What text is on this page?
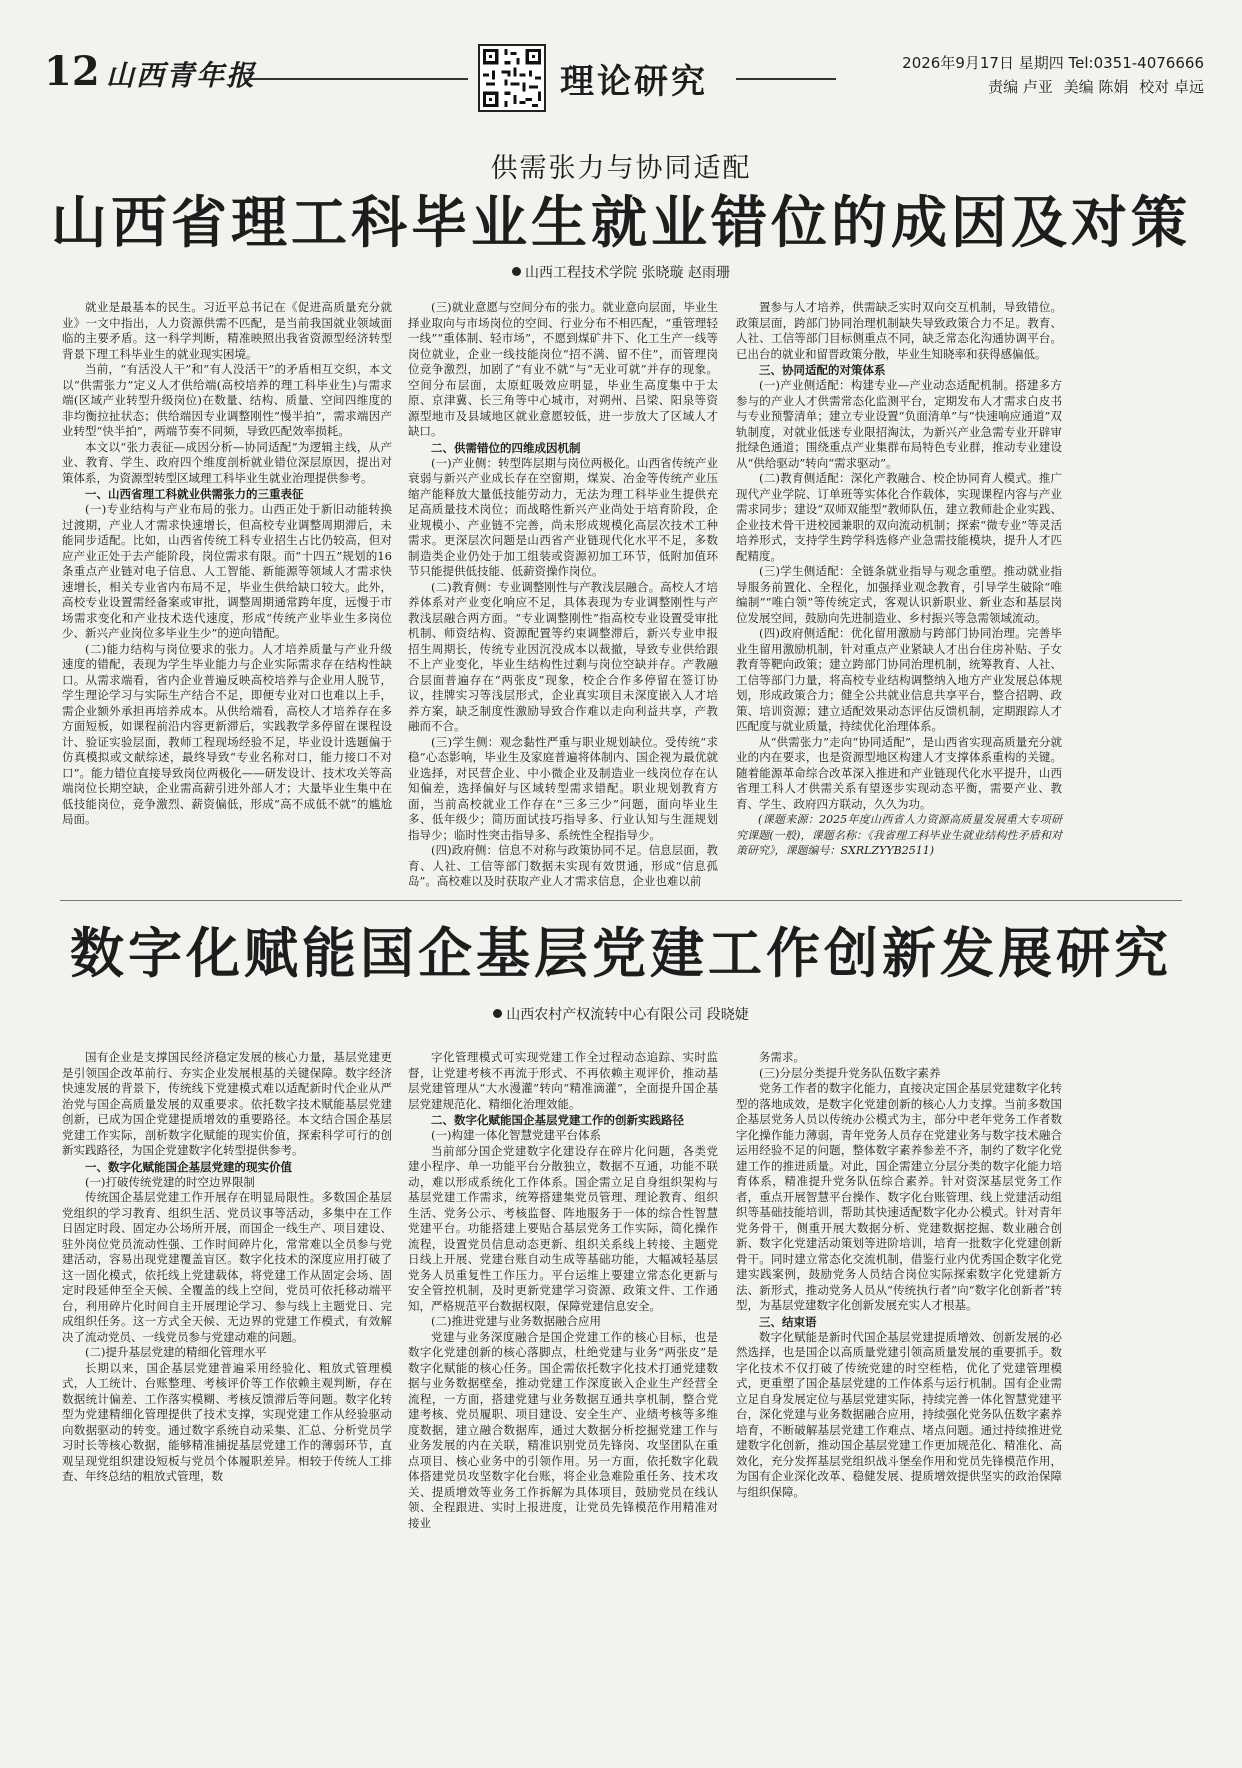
12 山西青年报	理论研究	2026年9月17日 星期四 Tel:0351-4076666
责编 卢亚 美编 陈娟 校对 卓远
供需张力与协同适配
山西省理工科毕业生就业错位的成因及对策
山西工程技术学院 张晓璇 赵雨珊

就业是最基本的民生。习近平总书记在《促进高质量充分就业》一文中指出，人力资源供需不匹配，是当前我国就业领域面临的主要矛盾。这一科学判断，精准映照出我省资源型经济转型背景下理工科毕业生的就业现实困境。

当前，“有活没人干”和“有人没活干”的矛盾相互交织，本文以“供需张力”定义人才供给端(高校培养的理工科毕业生)与需求端(区域产业转型升级岗位)在数量、结构、质量、空间四维度的非均衡拉扯状态；供给端因专业调整刚性“慢半拍”，需求端因产业转型“快半拍”，两端节奏不同频，导致匹配效率损耗。

本文以“张力表征—成因分析—协同适配”为逻辑主线，从产业、教育、学生、政府四个维度剖析就业错位深层原因，提出对策体系，为资源型转型区域理工科毕业生就业治理提供参考。

一、山西省理工科就业供需张力的三重表征

(一)专业结构与产业布局的张力。山西正处于新旧动能转换过渡期，产业人才需求快速增长，但高校专业调整周期滞后，未能同步适配。比如，山西省传统工科专业招生占比仍较高，但对应产业正处于去产能阶段，岗位需求有限。而“十四五”规划的16条重点产业链对电子信息、人工智能、新能源等领域人才需求快速增长，相关专业省内布局不足，毕业生供给缺口较大。此外，高校专业设置需经备案或审批，调整周期通常跨年度，远慢于市场需求变化和产业技术迭代速度，形成“传统产业毕业生多岗位少、新兴产业岗位多毕业生少”的逆向错配。

(二)能力结构与岗位要求的张力。人才培养质量与产业升级速度的错配，表现为学生毕业能力与企业实际需求存在结构性缺口。从需求端看，省内企业普遍反映高校培养与企业用人脱节，学生理论学习与实际生产结合不足，即便专业对口也难以上手，需企业额外承担再培养成本。从供给端看，高校人才培养存在多方面短板，如课程前沿内容更新滞后，实践教学多停留在课程设计、验证实验层面，教师工程现场经验不足，毕业设计选题偏于仿真模拟或文献综述，最终导致“专业名称对口，能力接口不对口”。能力错位直接导致岗位两极化——研发设计、技术攻关等高端岗位长期空缺，企业需高薪引进外部人才；大量毕业生集中在低技能岗位，竞争激烈、薪资偏低，形成“高不成低不就”的尴尬局面。

(三)就业意愿与空间分布的张力。就业意向层面，毕业生择业取向与市场岗位的空间、行业分布不相匹配，“重管理轻一线”“重体制、轻市场”，不愿到煤矿井下、化工生产一线等岗位就业，企业一线技能岗位“招不满、留不住”，而管理岗位竞争激烈，加剧了“有业不就”与“无业可就”并存的现象。空间分布层面，太原虹吸效应明显，毕业生高度集中于太原、京津冀、长三角等中心城市，对朔州、吕梁、阳泉等资源型地市及县域地区就业意愿较低，进一步放大了区域人才缺口。

二、供需错位的四维成因机制

(一)产业侧：转型阵层期与岗位两极化。山西省传统产业衰弱与新兴产业成长存在空窗期，煤炭、冶金等传统产业压缩产能释放大量低技能劳动力，无法为理工科毕业生提供充足高质量技术岗位；而战略性新兴产业尚处于培育阶段，企业规模小、产业链不完善，尚未形成规模化高层次技术工种需求。更深层次问题是山西省产业链现代化水平不足，多数制造类企业仍处于加工组装或资源初加工环节，低附加值环节只能提供低技能、低薪资操作岗位。

(二)教育侧：专业调整刚性与产教浅层融合。高校人才培养体系对产业变化响应不足，具体表现为专业调整刚性与产教浅层融合两方面。“专业调整刚性”指高校专业设置受审批机制、师资结构、资源配置等约束调整滞后，新兴专业申报招生周期长，传统专业因沉没成本以裁撤，导致专业供给跟不上产业变化，毕业生结构性过剩与岗位空缺并存。产教融合层面普遍存在“两张皮”现象，校企合作多停留在签订协议，挂牌实习等浅层形式，企业真实项目未深度嵌入人才培养方案，缺乏制度性激励导致合作难以走向利益共享，产教融而不合。

(三)学生侧：观念黏性严重与职业规划缺位。受传统“求稳”心态影响，毕业生及家庭普遍将体制内、国企视为最优就业选择，对民营企业、中小微企业及制造业一线岗位存在认知偏差，选择偏好与区域转型需求错配。职业规划教育方面，当前高校就业工作存在“三多三少”问题，面向毕业生多、低年级少；简历面试技巧指导多、行业认知与生涯规划指导少；临时性突击指导多、系统性全程指导少。

(四)政府侧：信息不对称与政策协同不足。信息层面，教育、人社、工信等部门数据未实现有效贯通，形成“信息孤岛”。高校难以及时获取产业人才需求信息，企业也难以前

置参与人才培养，供需缺乏实时双向交互机制，导致错位。政策层面，跨部门协同治理机制缺失导致政策合力不足。教育、人社、工信等部门目标侧重点不同，缺乏常态化沟通协调平台。已出台的就业和留晋政策分散，毕业生知晓率和获得感偏低。

三、协同适配的对策体系

(一)产业侧适配：构建专业—产业动态适配机制。搭建多方参与的产业人才供需常态化监测平台，定期发布人才需求白皮书与专业预警清单；建立专业设置“负面清单”与“快速响应通道”双轨制度，对就业低迷专业限招淘汰，为新兴产业急需专业开辟审批绿色通道；围绕重点产业集群布局特色专业群，推动专业建设从“供给驱动”转向“需求驱动”。

(二)教育侧适配：深化产教融合、校企协同育人模式。推广现代产业学院、订单班等实体化合作载体，实现课程内容与产业需求同步；建设“双师双能型”教师队伍，建立教师赴企业实践、企业技术骨干进校园兼职的双向流动机制；探索“微专业”等灵活培养形式，支持学生跨学科选修产业急需技能模块，提升人才匹配精度。

(三)学生侧适配：全链条就业指导与观念重塑。推动就业指导服务前置化、全程化，加强择业观念教育，引导学生破除“唯编制”“唯白领”等传统定式，客观认识新职业、新业态和基层岗位发展空间，鼓励向先进制造业、乡村振兴等急需领域流动。

(四)政府侧适配：优化留用激励与跨部门协同治理。完善毕业生留用激励机制，针对重点产业紧缺人才出台住房补贴、子女教育等靶向政策；建立跨部门协同治理机制，统筹教育、人社、工信等部门力量，将高校专业结构调整纳入地方产业发展总体规划，形成政策合力；健全公共就业信息共享平台，整合招聘、政策、培训资源；建立适配效果动态评估反馈机制，定期跟踪人才匹配度与就业质量，持续优化治理体系。

从“供需张力”走向“协同适配”，是山西省实现高质量充分就业的内在要求，也是资源型地区构建人才支撑体系重构的关键。随着能源革命综合改革深入推进和产业链现代化水平提升，山西省理工科人才供需关系有望逐步实现动态平衡，需要产业、教育、学生、政府四方联动，久久为功。

(课题来源：2025年度山西省人力资源高质量发展重大专项研究课题(一般)，课题名称：《我省理工科毕业生就业结构性矛盾和对策研究》，课题编号：SXRLZYYB2511)

数字化赋能国企基层党建工作创新发展研究
山西农村产权流转中心有限公司 段晓婕

国有企业是支撑国民经济稳定发展的核心力量，基层党建更是引领国企改革前行、夯实企业发展根基的关键保障。数字经济快速发展的背景下，传统线下党建模式难以适配新时代企业从严治党与国企高质量发展的双重要求。依托数字技术赋能基层党建创新，已成为国企党建提质增效的重要路径。本文结合国企基层党建工作实际，剖析数字化赋能的现实价值，探索科学可行的创新实践路径，为国企党建数字化转型提供参考。

一、数字化赋能国企基层党建的现实价值

(一)打破传统党建的时空边界限制

传统国企基层党建工作开展存在明显局限性。多数国企基层党组织的学习教育、组织生活、党员议事等活动，多集中在工作日固定时段、固定办公场所开展，而国企一线生产、项目建设、驻外岗位党员流动性强、工作时间碎片化，常常难以全员参与党建活动，容易出现党建覆盖盲区。数字化技术的深度应用打破了这一固化模式，依托线上党建载体，将党建工作从固定会场、固定时段延伸至全天候、全覆盖的线上空间，党员可依托移动端平台，利用碎片化时间自主开展理论学习、参与线上主题党日、完成组织任务。这一方式全天候、无边界的党建工作模式，有效解决了流动党员、一线党员参与党建动难的问题。

(二)提升基层党建的精细化管理水平

长期以来，国企基层党建普遍采用经验化、粗放式管理模式，人工统计、台账整理、考核评价等工作依赖主观判断，存在数据统计偏差、工作落实模糊、考核反馈滞后等问题。数字化转型为党建精细化管理提供了技术支撑，实现党建工作从经验驱动向数据驱动的转变。通过数字系统自动采集、汇总、分析党员学习时长等核心数据，能够精准捕捉基层党建工作的薄弱环节，直观呈现党组织建设短板与党员个体履职差异。相较于传统人工排查、年终总结的粗放式管理，数

字化管理模式可实现党建工作全过程动态追踪、实时监督，让党建考核不再流于形式、不再依赖主观评价，推动基层党建管理从“大水漫灌”转向“精准滴灌”，全面提升国企基层党建规范化、精细化治理效能。

二、数字化赋能国企基层党建工作的创新实践路径

(一)构建一体化智慧党建平台体系

当前部分国企党建数字化建设存在碎片化问题，各类党建小程序、单一功能平台分散独立，数据不互通，功能不联动，难以形成系统化工作体系。国企需立足自身组织架构与基层党建工作需求，统筹搭建集党员管理、理论教育、组织生活、党务公示、考核监督、阵地服务于一体的综合性智慧党建平台。功能搭建上要贴合基层党务工作实际，简化操作流程，设置党员信息动态更新、组织关系线上转接、主题党日线上开展、党建台账自动生成等基础功能，大幅减轻基层党务人员重复性工作压力。平台运维上要建立常态化更新与安全管控机制，及时更新党建学习资源、政策文件、工作通知，严格规范平台数据权限，保障党建信息安全。

(二)推进党建与业务数据融合应用

党建与业务深度融合是国企党建工作的核心目标，也是数字化党建创新的核心落脚点，杜绝党建与业务“两张皮”是数字化赋能的核心任务。国企需依托数字化技术打通党建数据与业务数据壁垒，推动党建工作深度嵌入企业生产经营全流程，一方面，搭建党建与业务数据互通共享机制，整合党建考核、党员履职、项目建设、安全生产、业绩考核等多维度数据，建立融合数据库，通过大数据分析挖掘党建工作与业务发展的内在关联，精准识别党员先锋岗、攻坚团队在重点项目、核心业务中的引领作用。另一方面，依托数字化载体搭建党员攻坚数字化台账，将企业急难险重任务、技术攻关、提质增效等业务工作拆解为具体项目，鼓励党员在线认领、全程跟进、实时上报进度，让党员先锋模范作用精准对接业

务需求。

(三)分层分类提升党务队伍数字素养

党务工作者的数字化能力，直接决定国企基层党建数字化转型的落地成效，是数字化党建创新的核心人力支撑。当前多数国企基层党务人员以传统办公模式为主，部分中老年党务工作者数字化操作能力薄弱，青年党务人员存在党建业务与数字技术融合运用经验不足的问题，整体数字素养参差不齐，制约了数字化党建工作的推进质量。对此，国企需建立分层分类的数字化能力培育体系，精准提升党务队伍综合素养。针对资深基层党务工作者，重点开展智慧平台操作、数字化台账管理、线上党建活动组织等基础技能培训，帮助其快速适配数字化办公模式。针对青年党务骨干，侧重开展大数据分析、党建数据挖掘、数业融合创新、数字化党建活动策划等进阶培训，培育一批数字化党建创新骨干。同时建立常态化交流机制，借鉴行业内优秀国企数字化党建实践案例，鼓励党务人员结合岗位实际探索数字化党建新方法、新形式，推动党务人员从“传统执行者”向“数字化创新者”转型，为基层党建数字化创新发展充实人才根基。

三、结束语

数字化赋能是新时代国企基层党建提质增效、创新发展的必然选择，也是国企以高质量党建引领高质量发展的重要抓手。数字化技术不仅打破了传统党建的时空桎梏，优化了党建管理模式，更重塑了国企基层党建的工作体系与运行机制。国有企业需立足自身发展定位与基层党建实际，持续完善一体化智慧党建平台，深化党建与业务数据融合应用，持续强化党务队伍数字素养培育，不断破解基层党建工作难点、堵点问题。通过持续推进党建数字化创新，推动国企基层党建工作更加规范化、精准化、高效化，充分发挥基层党组织战斗堡垒作用和党员先锋模范作用，为国有企业深化改革、稳健发展、提质增效提供坚实的政治保障与组织保障。
